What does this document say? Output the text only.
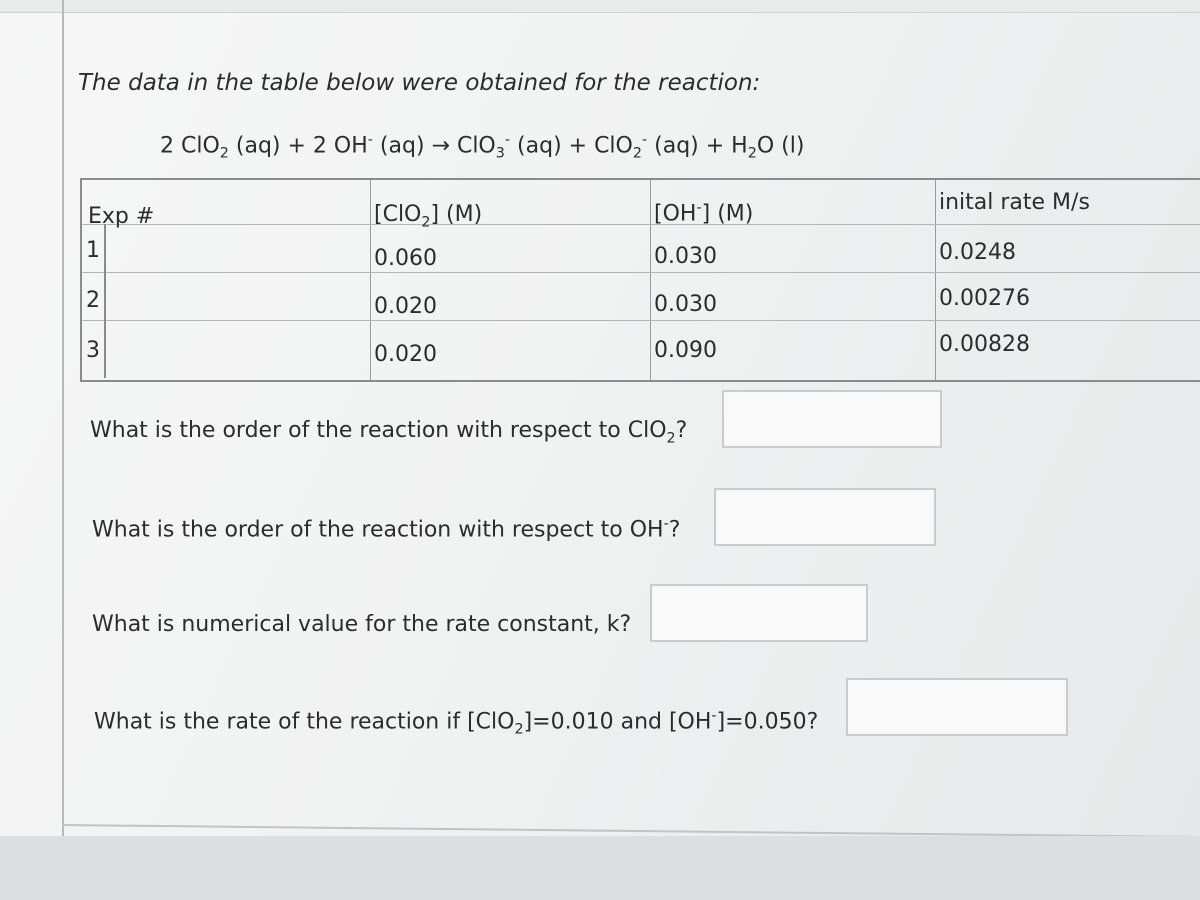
The data in the table below were obtained for the reaction:
2 ClO$_2$ (aq) + 2 OH- (aq) → ClO$_3$- (aq) + ClO$_2$- $(aq) + H_2O$ (l)
Exp #	[ClO$_2$] (M)	[OH-] (M)	inital rate M/s
1	0.060	0.030	0.0248
2	0.020	0.030	0.00276
3	0.020	0.090	0.00828
What is the order of the reaction with respect to ClO$_2$?
What is the order of the reaction with respect to OH-?
What is numerical value for the rate constant, k?
What is the rate of the reaction if [ClO$_2$]=0.010 and [OH-]=0.050?
